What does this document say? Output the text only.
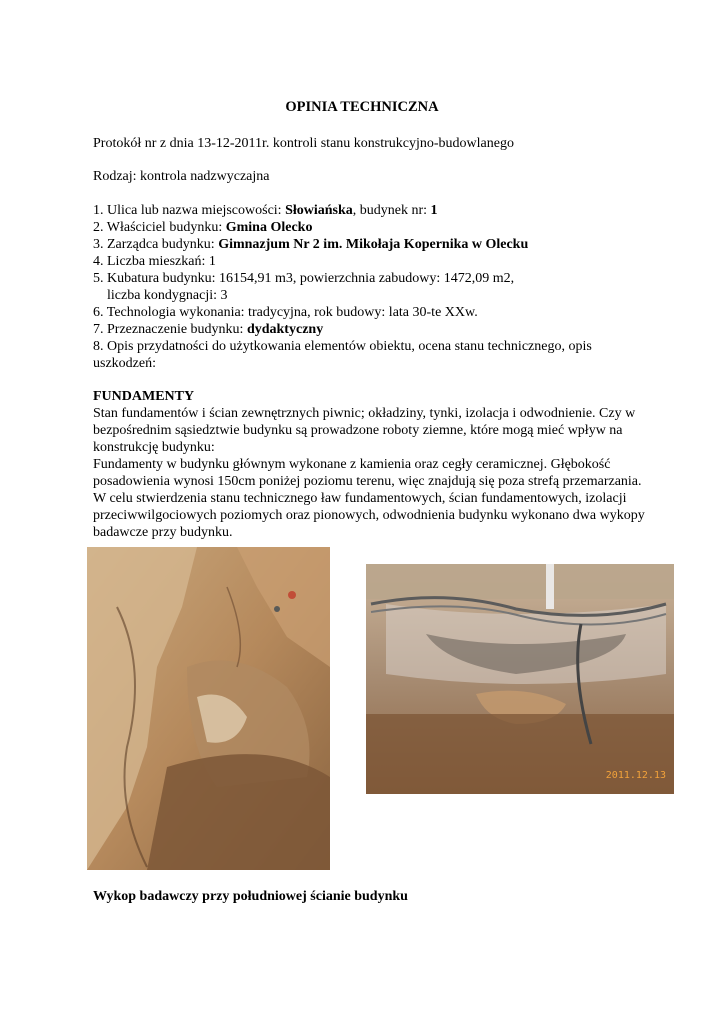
OPINIA TECHNICZNA
Protokół nr z dnia 13-12-2011r. kontroli stanu konstrukcyjno-budowlanego
Rodzaj: kontrola nadzwyczajna
1. Ulica lub nazwa miejscowości: Słowiańska, budynek nr: 1
2. Właściciel budynku: Gmina Olecko
3. Zarządca budynku: Gimnazjum Nr 2 im. Mikołaja Kopernika w Olecku
4. Liczba mieszkań: 1
5. Kubatura budynku: 16154,91 m3, powierzchnia zabudowy: 1472,09 m2,
liczba kondygnacji: 3
6. Technologia wykonania: tradycyjna, rok budowy: lata 30-te XXw.
7. Przeznaczenie budynku: dydaktyczny
8. Opis przydatności do użytkowania elementów obiektu, ocena stanu technicznego, opis
uszkodzeń:
FUNDAMENTY
Stan fundamentów i ścian zewnętrznych piwnic; okładziny, tynki, izolacja i odwodnienie. Czy w
bezpośrednim sąsiedztwie budynku są prowadzone roboty ziemne, które mogą mieć wpływ na
konstrukcję budynku:
Fundamenty w budynku głównym wykonane z kamienia oraz cegły ceramicznej. Głębokość
posadowienia wynosi 150cm poniżej poziomu terenu, więc znajdują się poza strefą przemarzania.
W celu stwierdzenia stanu technicznego ław fundamentowych, ścian fundamentowych, izolacji
przeciwwilgociowych poziomych oraz pionowych, odwodnienia budynku wykonano dwa wykopy
badawcze przy budynku.
2011.12.13
Wykop badawczy przy południowej ścianie budynku
